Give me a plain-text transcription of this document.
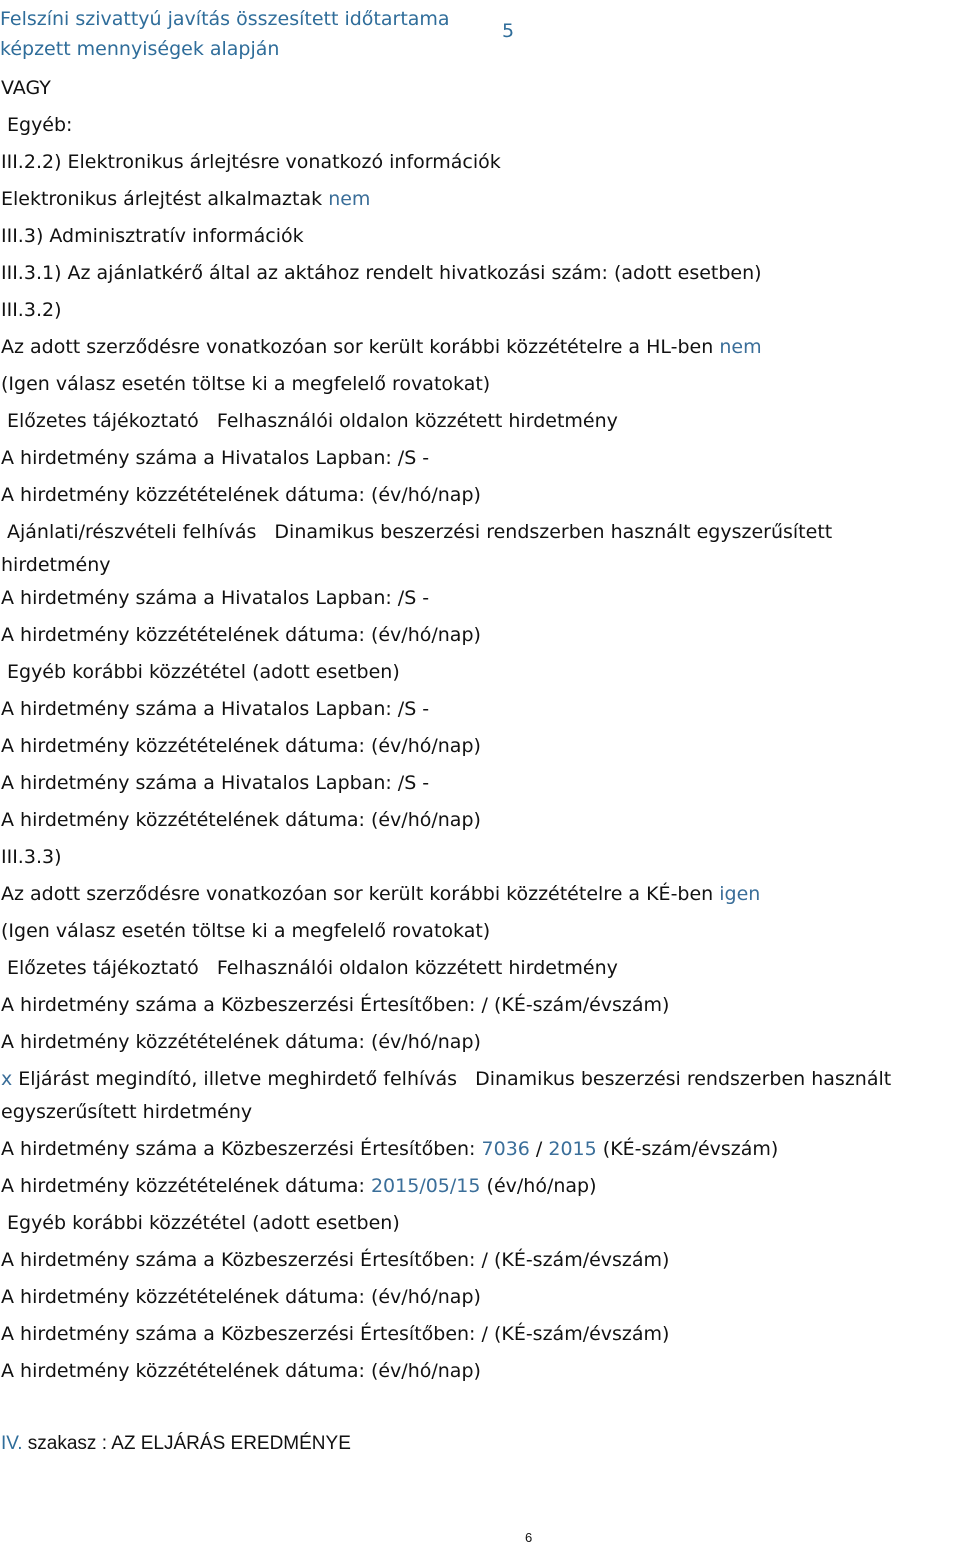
Felszíni szivattyú javítás összesített időtartama
képzett mennyiségek alapján
5
VAGY
Egyéb:
III.2.2) Elektronikus árlejtésre vonatkozó információk
Elektronikus árlejtést alkalmaztak nem
III.3) Adminisztratív információk
III.3.1) Az ajánlatkérő által az aktához rendelt hivatkozási szám: (adott esetben)
III.3.2)
Az adott szerződésre vonatkozóan sor került korábbi közzétételre a HL-ben nem
(Igen válasz esetén töltse ki a megfelelő rovatokat)
Előzetes tájékoztató Felhasználói oldalon közzétett hirdetmény
A hirdetmény száma a Hivatalos Lapban: /S -
A hirdetmény közzétételének dátuma: (év/hó/nap)
Ajánlati/részvételi felhívás Dinamikus beszerzési rendszerben használt egyszerűsített
hirdetmény
A hirdetmény száma a Hivatalos Lapban: /S -
A hirdetmény közzétételének dátuma: (év/hó/nap)
Egyéb korábbi közzététel (adott esetben)
A hirdetmény száma a Hivatalos Lapban: /S -
A hirdetmény közzétételének dátuma: (év/hó/nap)
A hirdetmény száma a Hivatalos Lapban: /S -
A hirdetmény közzétételének dátuma: (év/hó/nap)
III.3.3)
Az adott szerződésre vonatkozóan sor került korábbi közzétételre a KÉ-ben igen
(Igen válasz esetén töltse ki a megfelelő rovatokat)
Előzetes tájékoztató Felhasználói oldalon közzétett hirdetmény
A hirdetmény száma a Közbeszerzési Értesítőben: / (KÉ-szám/évszám)
A hirdetmény közzétételének dátuma: (év/hó/nap)
x Eljárást megindító, illetve meghirdető felhívás Dinamikus beszerzési rendszerben használt
egyszerűsített hirdetmény
A hirdetmény száma a Közbeszerzési Értesítőben: 7036 / 2015 (KÉ-szám/évszám)
A hirdetmény közzétételének dátuma: 2015/05/15 (év/hó/nap)
Egyéb korábbi közzététel (adott esetben)
A hirdetmény száma a Közbeszerzési Értesítőben: / (KÉ-szám/évszám)
A hirdetmény közzétételének dátuma: (év/hó/nap)
A hirdetmény száma a Közbeszerzési Értesítőben: / (KÉ-szám/évszám)
A hirdetmény közzétételének dátuma: (év/hó/nap)
IV. szakasz : AZ ELJÁRÁS EREDMÉNYE
6
